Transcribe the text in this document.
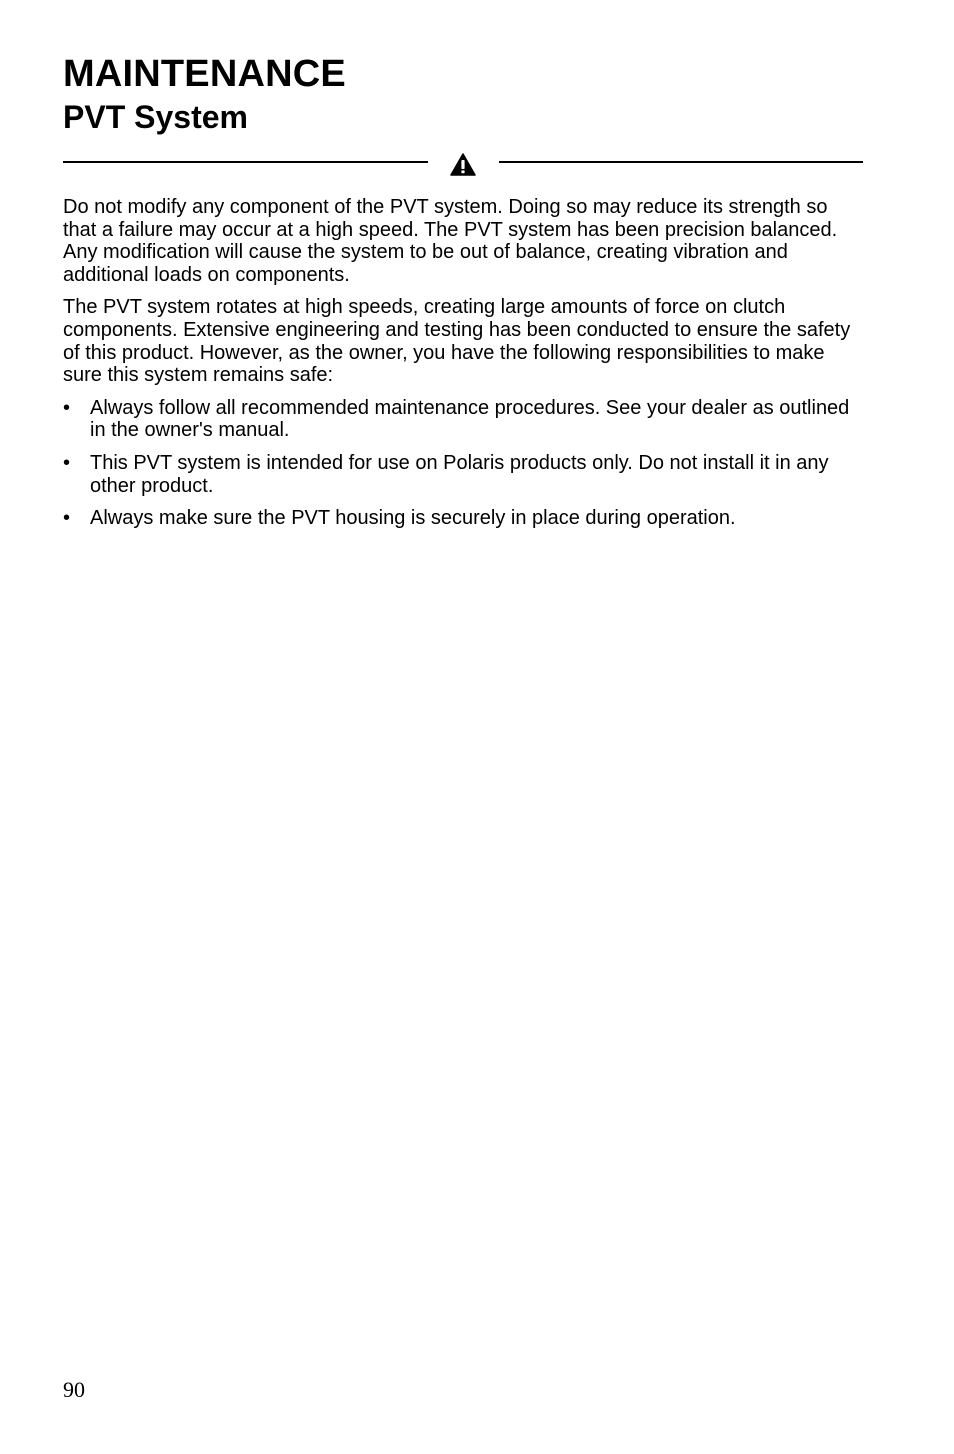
MAINTENANCE
PVT System

Do not modify any component of the PVT system. Doing so may reduce its strength so that a failure may occur at a high speed. The PVT system has been precision balanced. Any modification will cause the system to be out of balance, creating vibration and additional loads on components.

The PVT system rotates at high speeds, creating large amounts of force on clutch components. Extensive engineering and testing has been conducted to ensure the safety of this product. However, as the owner, you have the following responsibilities to make sure this system remains safe:

• Always follow all recommended maintenance procedures. See your dealer as outlined in the owner's manual.
• This PVT system is intended for use on Polaris products only. Do not install it in any other product.
• Always make sure the PVT housing is securely in place during operation.
90
